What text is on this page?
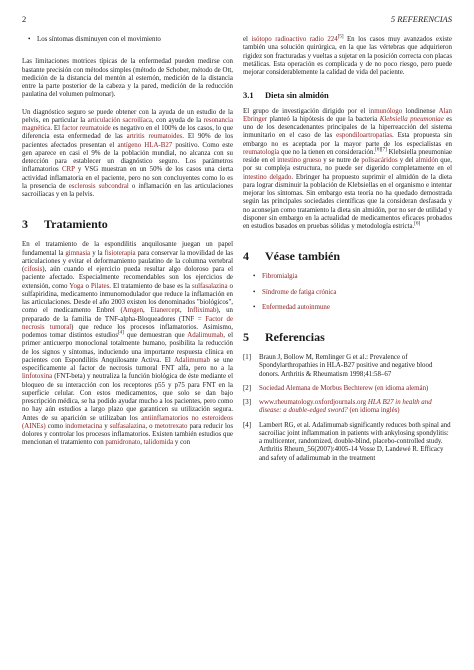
2	5 REFERENCIAS
• Los síntomas disminuyen con el movimiento

Las limitaciones motrices típicas de la enfermedad pueden medirse con bastante precisión con métodos simples (método de Schober, método de Ott, medición de la distancia del mentón al esternón, medición de la distancia entre la parte posterior de la cabeza y la pared, medición de la reducción paulatina del volumen pulmonar).

Un diagnóstico seguro se puede obtener con la ayuda de un estudio de la pelvis, en particular la articulación sacroilíaca, con ayuda de la resonancia magnética. El factor reumatoide es negativo en el 100% de los casos, lo que diferencia esta enfermedad de las artritis reumatoides. El 90% de los pacientes afectados presentan el antígeno HLA-B27 positivo. Como este gen aparece en casi el 9% de la población mundial, no alcanza con su detección para establecer un diagnóstico seguro. Los parámetros inflamatorios CRP y VSG muestran en un 50% de los casos una cierta actividad inflamatoria en el paciente, pero no son concluyentes como lo es la presencia de esclerosis subcondral o inflamación en las articulaciones sacroilíacas y en la pelvis.

3 Tratamiento

En el tratamiento de la espondilitis anquilosante juegan un papel fundamental la gimnasia y la fisioterapia para conservar la movilidad de las articulaciones y evitar el deformamiento paulatino de la columna vertebral (cifosis), aún cuando el ejercicio pueda resultar algo doloroso para el paciente afectado. Especialmente recomendables son los ejercicios de extensión, como Yoga o Pilates. El tratamiento de base es la sulfasalazina o sulfapiridina, medicamento inmunomodulador que reduce la inflamación en las articulaciones. Desde el año 2003 existen los denominados "biológicos", como el medicamento Enbrel (Amgen, Etanercept, Infliximab), un preparado de la familia de TNF-alpha-Bloqueadores (TNF = Factor de necrosis tumoral) que reduce los procesos inflamatorios. Asimismo, podemos tomar distintos estudios[4] que demuestran que Adalimumab, el primer anticuerpo monoclonal totalmente humano, posibilita la reducción de los signos y síntomas, induciendo una importante respuesta clínica en pacientes con Espondilitis Anquilosante Activa. El Adalimumab se une específicamente al factor de necrosis tumoral FNT alfa, pero no a la linfotoxina (FNT-beta) y neutraliza la función biológica de éste mediante el bloqueo de su interacción con los receptores p55 y p75 para FNT en la superficie celular. Con estos medicamentos, que solo se dan bajo prescripción médica, se ha podido ayudar mucho a los pacientes, pero como no hay aún estudios a largo plazo que garanticen su utilización segura. Antes de su aparición se utilizaban los antiinflamatorios no esteroideos (AINEs) como indometacina y sulfasalazina, o metotrexato para reducir los dolores y controlar los procesos inflamatorios. Existen también estudios que mencionan el tratamiento con pamidronato, talidomida y con

el isótopo radioactivo radio 224[5] En los casos muy avanzados existe también una solución quirúrgica, en la que las vértebras que adquirieron rigidez son fracturadas y vueltas a sujetar en la posición correcta con placas metálicas. Esta operación es complicada y de no poco riesgo, pero puede mejorar considerablemente la calidad de vida del paciente.

3.1 Dieta sin almidón

El grupo de investigación dirigido por el inmunólogo londinense Alan Ebringer planteó la hipótesis de que la bacteria Klebsiella pneumoniae es uno de los desencadenantes principales de la hiperreacción del sistema inmunitario en el caso de las espondiloartropatías. Esta propuesta sin embargo no es aceptada por la mayor parte de los especialistas en reumatología que no la tienen en consideración.[6][7] Klebsiella pneumoniae reside en el intestino grueso y se nutre de polisacáridos y del almidón que, por su compleja estructura, no puede ser digerido completamente en el intestino delgado. Ebringer ha propuesto suprimir el almidón de la dieta para lograr disminuir la población de Klebsiellas en el organismo e intentar mejorar los síntomas. Sin embargo esta teoría no ha quedado demostrada según las principales sociedades científicas que la consideran desfasada y no aconsejan como tratamiento la dieta sin almidón, por no ser de utilidad y disponer sin embargo en la actualidad de medicamentos eficaces probados en estudios basados en pruebas sólidas y metodología estricta.[6]

4 Véase también
• Fibromialgia
• Síndrome de fatiga crónica
• Enfermedad autoinmune
5 Referencias
[1]	Braun J, Bollow M, Remlinger G et al.: Prevalence of Spondylarthropathies in HLA-B27 positive and negative blood donors. Arthritis & Rheumatism 1998;41:58–67
[2]	Sociedad Alemana de Morbus Bechterew (en idioma alemán)
[3]	www.rheumatology.oxfordjournals.org HLA B27 in health and disease: a double-edged sword? (en idioma inglés)
[4]	Lambert RG, et al. Adalimumab significantly reduces both spinal and sacroiliac joint inflammation in patients with ankylosing spondylitis: a multicenter, randomized, double-blind, placebo-controlled study. Arthritis Rheum_56(2007):4005-14 Vosse D, Landewé R. Efficacy and safety of adalimumab in the treatment
